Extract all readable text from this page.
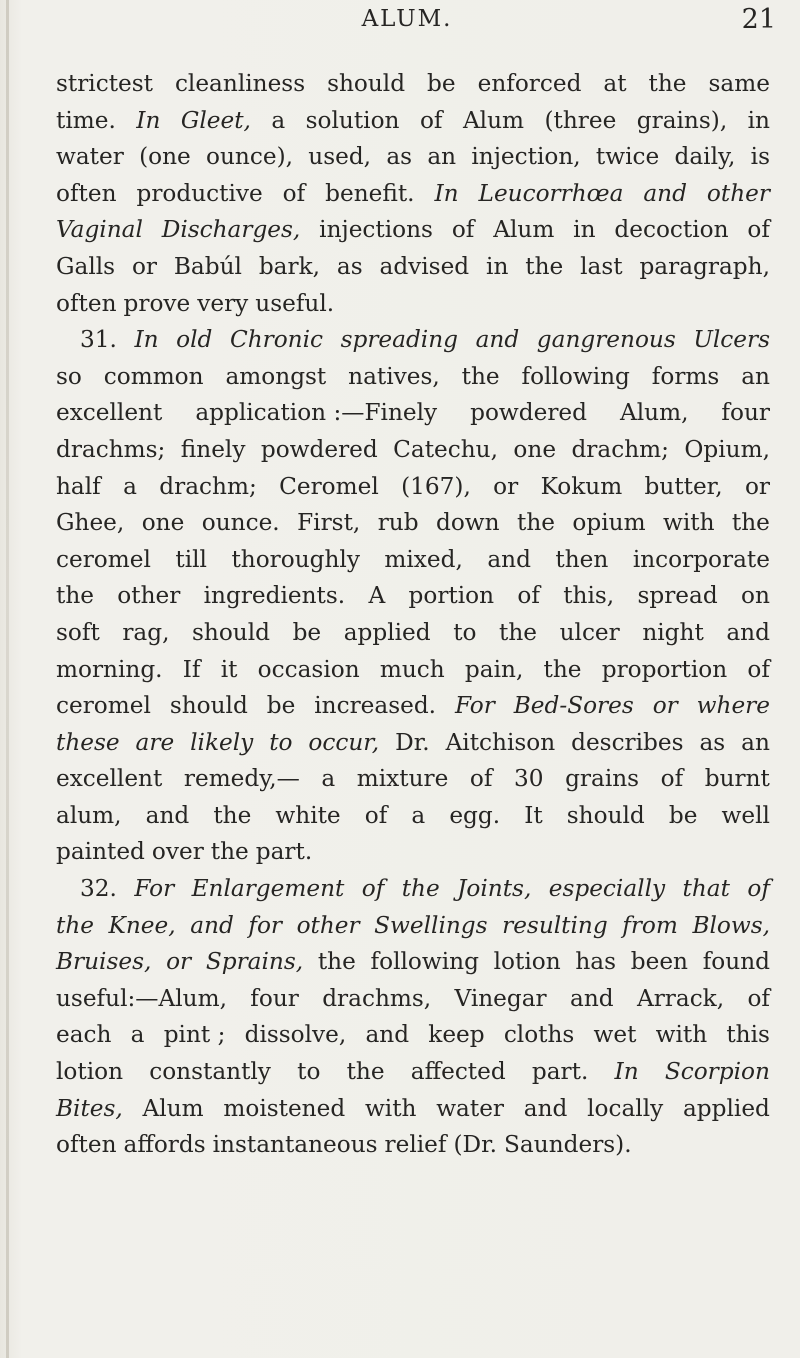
ALUM.	21
strictest cleanliness should be enforced at the same
time. In Gleet, a solution of Alum (three grains), in
water (one ounce), used, as an injection, twice daily, is
often productive of benefit. In Leucorrhœa and other
Vaginal Discharges, injections of Alum in decoction of
Galls or Babúl bark, as advised in the last paragraph,
often prove very useful.
31. In old Chronic spreading and gangrenous Ulcers
so common amongst natives, the following forms an
excellent application :—Finely powdered Alum, four
drachms; finely powdered Catechu, one drachm; Opium,
half a drachm; Ceromel (167), or Kokum butter, or
Ghee, one ounce. First, rub down the opium with the
ceromel till thoroughly mixed, and then incorporate
the other ingredients. A portion of this, spread on
soft rag, should be applied to the ulcer night and
morning. If it occasion much pain, the proportion of
ceromel should be increased. For Bed-Sores or where
these are likely to occur, Dr. Aitchison describes as an
excellent remedy,— a mixture of 30 grains of burnt
alum, and the white of a egg. It should be well
painted over the part.
32. For Enlargement of the Joints, especially that of
the Knee, and for other Swellings resulting from Blows,
Bruises, or Sprains, the following lotion has been found
useful:—Alum, four drachms, Vinegar and Arrack, of
each a pint ; dissolve, and keep cloths wet with this
lotion constantly to the affected part. In Scorpion
Bites, Alum moistened with water and locally applied
often affords instantaneous relief (Dr. Saunders).
